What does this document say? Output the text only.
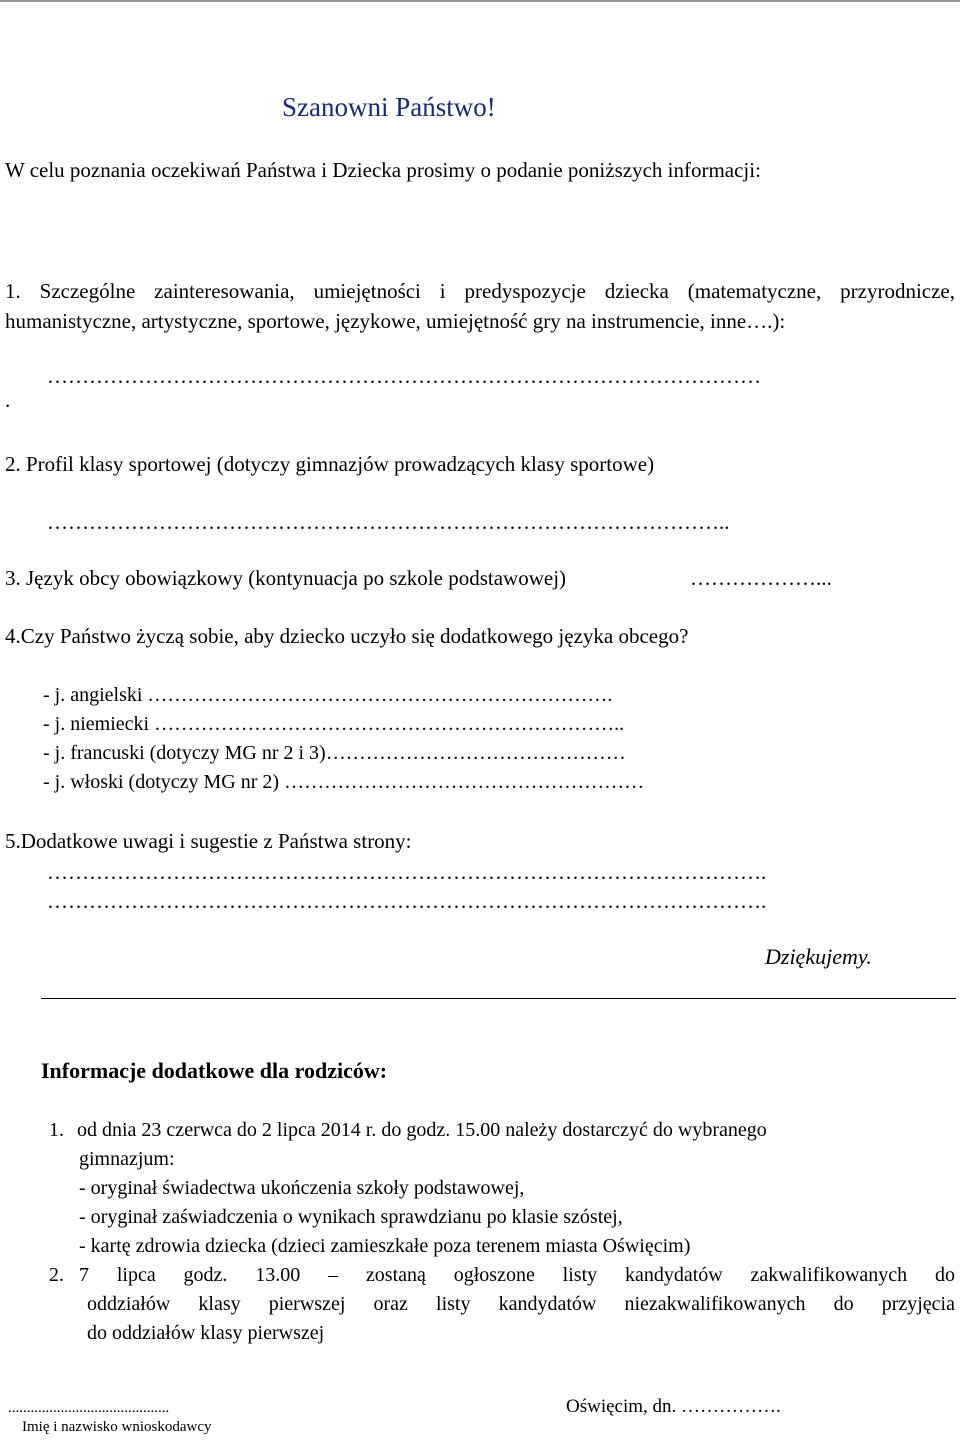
Szanowni Państwo!
W celu poznania oczekiwań Państwa i Dziecka prosimy o podanie poniższych informacji:
1. Szczególne zainteresowania, umiejętności i predyspozycje dziecka (matematyczne, przyrodnicze, humanistyczne, artystyczne, sportowe, językowe, umiejętność gry na instrumencie, inne….):
…………………………………………………………………………………………
.
2. Profil klasy sportowej (dotyczy gimnazjów prowadzących klasy sportowe)
……………………………………………………………………………………..
3. Język obcy obowiązkowy (kontynuacja po szkole podstawowej)	………………...
4.Czy Państwo życzą sobie, aby dziecko uczyło się dodatkowego języka obcego?
- j. angielski …………………………………………………………….
- j. niemiecki ……………………………………………………………..
- j. francuski (dotyczy MG nr 2 i 3)………………………………………
- j. włoski (dotyczy MG nr 2) ………………………………………………
5.Dodatkowe uwagi i sugestie z Państwa strony:
………………………………………………………………………………………….
………………………………………………………………………………………….
Dziękujemy.
Informacje dodatkowe dla rodziców:
1. od dnia 23 czerwca do 2 lipca 2014 r. do godz. 15.00 należy dostarczyć do wybranego
gimnazjum:
- oryginał świadectwa ukończenia szkoły podstawowej,
- oryginał zaświadczenia o wynikach sprawdzianu po klasie szóstej,
- kartę zdrowia dziecka (dzieci zamieszkałe poza terenem miasta Oświęcim)
2. 7 lipca godz. 13.00 – zostaną ogłoszone listy kandydatów zakwalifikowanych do
oddziałów klasy pierwszej oraz listy kandydatów niezakwalifikowanych do przyjęcia
do oddziałów klasy pierwszej
...........................................
Imię i nazwisko wnioskodawcy
Oświęcim, dn. …………….
